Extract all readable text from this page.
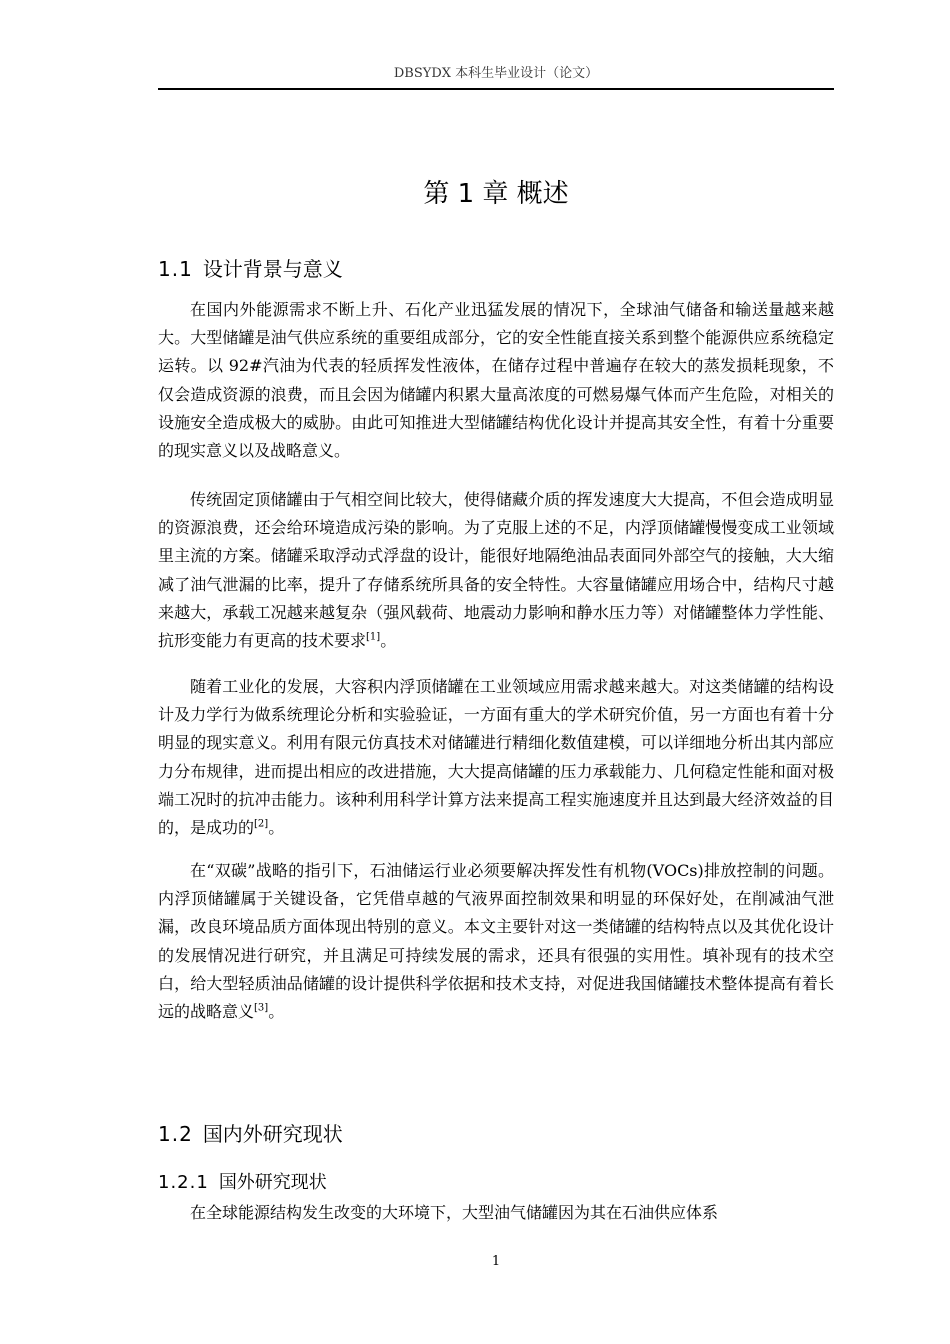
DBSYDX 本科生毕业设计（论文）
第 1 章 概述
1.1 设计背景与意义

在国内外能源需求不断上升、石化产业迅猛发展的情况下，全球油气储备和输送量越来越大。大型储罐是油气供应系统的重要组成部分，它的安全性能直接关系到整个能源供应系统稳定运转。以 92#汽油为代表的轻质挥发性液体，在储存过程中普遍存在较大的蒸发损耗现象，不仅会造成资源的浪费，而且会因为储罐内积累大量高浓度的可燃易爆气体而产生危险，对相关的设施安全造成极大的威胁。由此可知推进大型储罐结构优化设计并提高其安全性，有着十分重要的现实意义以及战略意义。

传统固定顶储罐由于气相空间比较大，使得储藏介质的挥发速度大大提高，不但会造成明显的资源浪费，还会给环境造成污染的影响。为了克服上述的不足，内浮顶储罐慢慢变成工业领域里主流的方案。储罐采取浮动式浮盘的设计，能很好地隔绝油品表面同外部空气的接触，大大缩减了油气泄漏的比率，提升了存储系统所具备的安全特性。大容量储罐应用场合中，结构尺寸越来越大，承载工况越来越复杂（强风载荷、地震动力影响和静水压力等）对储罐整体力学性能、抗形变能力有更高的技术要求[1]。

随着工业化的发展，大容积内浮顶储罐在工业领域应用需求越来越大。对这类储罐的结构设计及力学行为做系统理论分析和实验验证，一方面有重大的学术研究价值，另一方面也有着十分明显的现实意义。利用有限元仿真技术对储罐进行精细化数值建模，可以详细地分析出其内部应力分布规律，进而提出相应的改进措施，大大提高储罐的压力承载能力、几何稳定性能和面对极端工况时的抗冲击能力。该种利用科学计算方法来提高工程实施速度并且达到最大经济效益的目的，是成功的[2]。

在“双碳”战略的指引下，石油储运行业必须要解决挥发性有机物(VOCs)排放控制的问题。内浮顶储罐属于关键设备，它凭借卓越的气液界面控制效果和明显的环保好处，在削减油气泄漏，改良环境品质方面体现出特别的意义。本文主要针对这一类储罐的结构特点以及其优化设计的发展情况进行研究，并且满足可持续发展的需求，还具有很强的实用性。填补现有的技术空白，给大型轻质油品储罐的设计提供科学依据和技术支持，对促进我国储罐技术整体提高有着长远的战略意义[3]。

1.2 国内外研究现状
1.2.1 国外研究现状

在全球能源结构发生改变的大环境下，大型油气储罐因为其在石油供应体系

1
